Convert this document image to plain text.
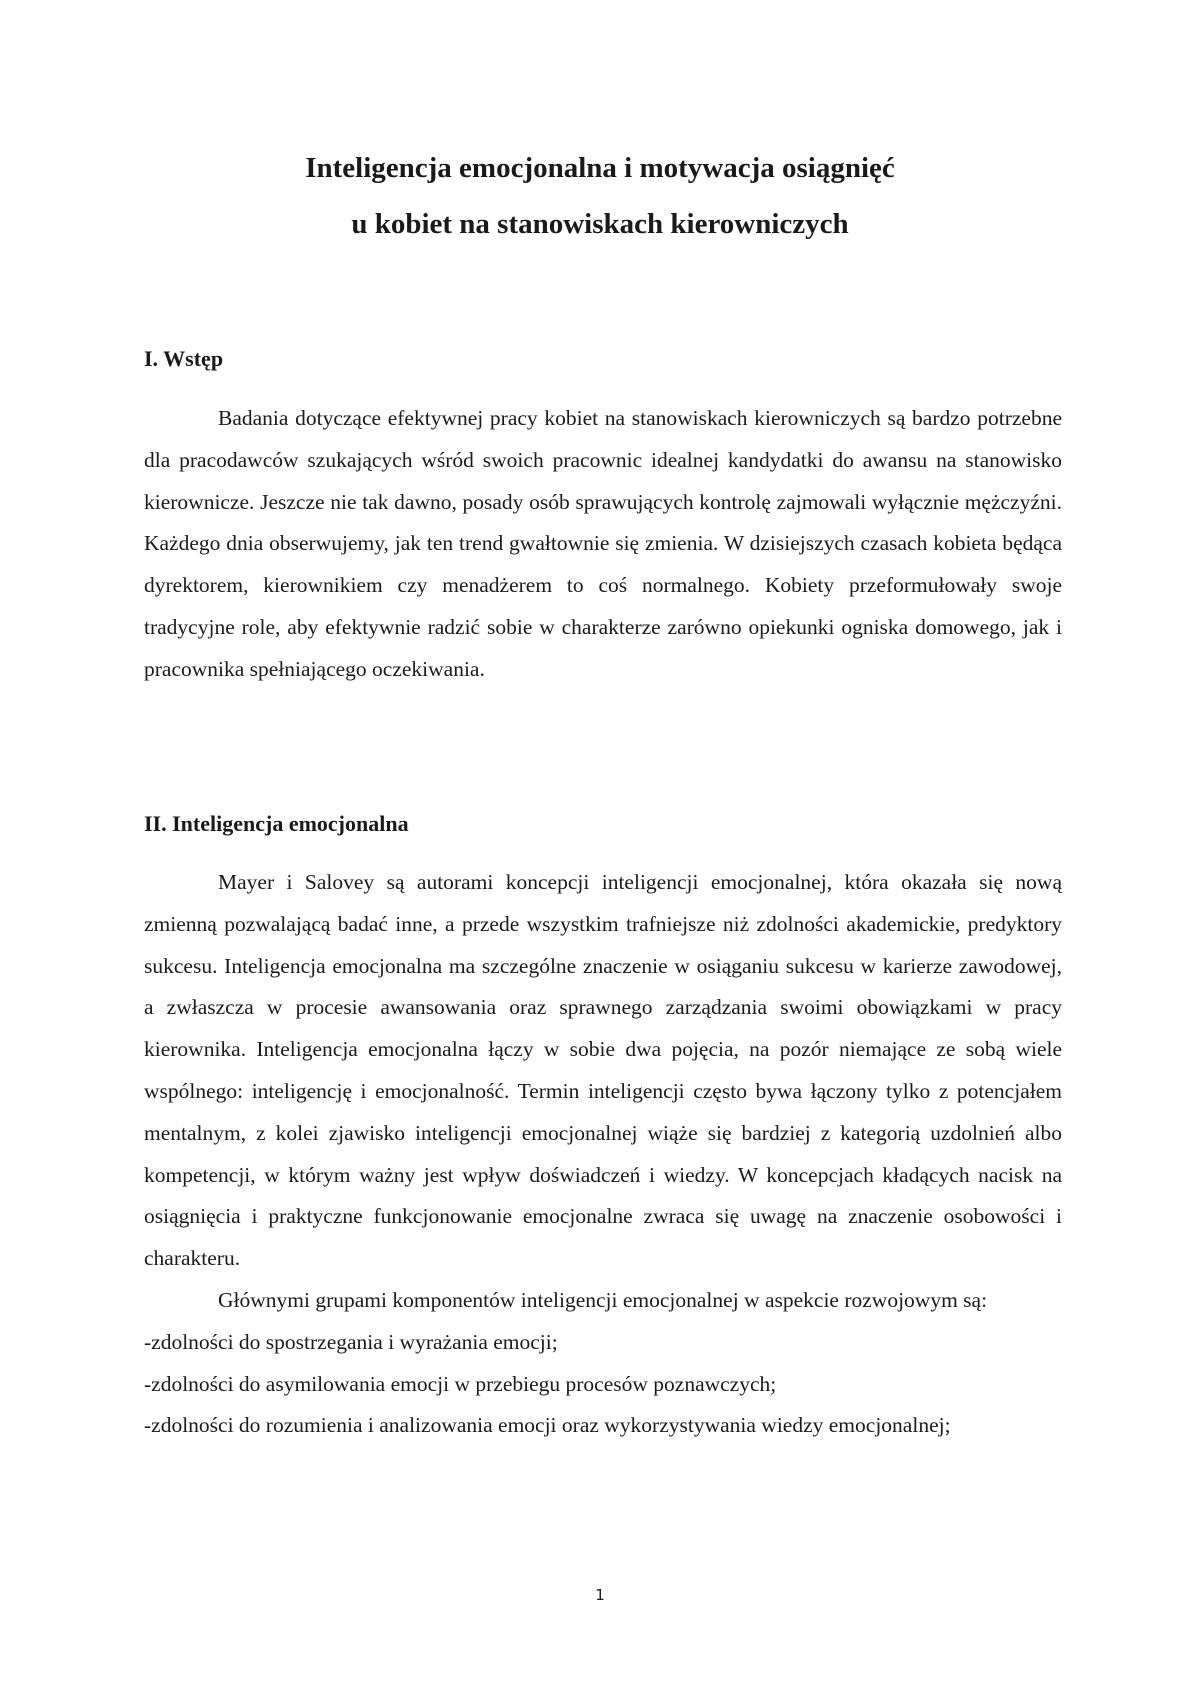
Inteligencja emocjonalna i motywacja osiągnięć
u kobiet na stanowiskach kierowniczych
I. Wstęp

Badania dotyczące efektywnej pracy kobiet na stanowiskach kierowniczych są bardzo potrzebne dla pracodawców szukających wśród swoich pracownic idealnej kandydatki do awansu na stanowisko kierownicze. Jeszcze nie tak dawno, posady osób sprawujących kontrolę zajmowali wyłącznie mężczyźni. Każdego dnia obserwujemy, jak ten trend gwałtownie się zmienia. W dzisiejszych czasach kobieta będąca dyrektorem, kierownikiem czy menadżerem to coś normalnego. Kobiety przeformułowały swoje tradycyjne role, aby efektywnie radzić sobie w charakterze zarówno opiekunki ogniska domowego, jak i pracownika spełniającego oczekiwania.

II. Inteligencja emocjonalna

Mayer i Salovey są autorami koncepcji inteligencji emocjonalnej, która okazała się nową zmienną pozwalającą badać inne, a przede wszystkim trafniejsze niż zdolności akademickie, predyktory sukcesu. Inteligencja emocjonalna ma szczególne znaczenie w osiąganiu sukcesu w karierze zawodowej, a zwłaszcza w procesie awansowania oraz sprawnego zarządzania swoimi obowiązkami w pracy kierownika. Inteligencja emocjonalna łączy w sobie dwa pojęcia, na pozór niemające ze sobą wiele wspólnego: inteligencję i emocjonalność. Termin inteligencji często bywa łączony tylko z potencjałem mentalnym, z kolei zjawisko inteligencji emocjonalnej wiąże się bardziej z kategorią uzdolnień albo kompetencji, w którym ważny jest wpływ doświadczeń i wiedzy. W koncepcjach kładących nacisk na osiągnięcia i praktyczne funkcjonowanie emocjonalne zwraca się uwagę na znaczenie osobowości i charakteru.

Głównymi grupami komponentów inteligencji emocjonalnej w aspekcie rozwojowym są:

-zdolności do spostrzegania i wyrażania emocji;

-zdolności do asymilowania emocji w przebiegu procesów poznawczych;

-zdolności do rozumienia i analizowania emocji oraz wykorzystywania wiedzy emocjonalnej;

1
